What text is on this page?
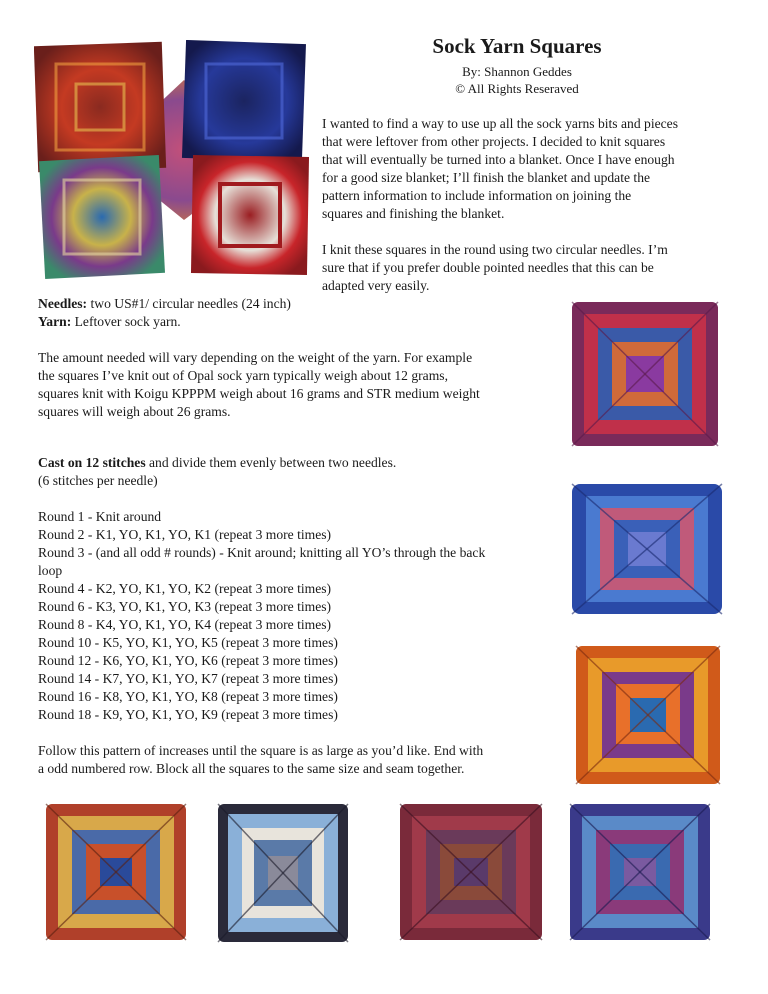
Sock Yarn Squares
By: Shannon Geddes
© All Rights Reseraved
I wanted to find a way to use up all the sock yarns bits and pieces
that were leftover from other projects. I decided to knit squares
that will eventually be turned into a blanket. Once I have enough
for a good size blanket; I’ll finish the blanket and update the
pattern information to include information on joining the
squares and finishing the blanket.
I knit these squares in the round using two circular needles. I’m
sure that if you prefer double pointed needles that this can be
adapted very easily.
Needles: two US#1/ circular needles (24 inch)
Yarn: Leftover sock yarn.
The amount needed will vary depending on the weight of the yarn. For example
the squares I’ve knit out of Opal sock yarn typically weigh about 12 grams,
squares knit with Koigu KPPPM weigh about 16 grams and STR medium weight
squares will weigh about 26 grams.
Cast on 12 stitches and divide them evenly between two needles.
(6 stitches per needle)
Round 1 - Knit around
Round 2 - K1, YO, K1, YO, K1 (repeat 3 more times)
Round 3 - (and all odd # rounds) - Knit around; knitting all YO’s through the back
loop
Round 4 - K2, YO, K1, YO, K2 (repeat 3 more times)
Round 6 - K3, YO, K1, YO, K3 (repeat 3 more times)
Round 8 - K4, YO, K1, YO, K4 (repeat 3 more times)
Round 10 - K5, YO, K1, YO, K5 (repeat 3 more times)
Round 12 - K6, YO, K1, YO, K6 (repeat 3 more times)
Round 14 - K7, YO, K1, YO, K7 (repeat 3 more times)
Round 16 - K8, YO, K1, YO, K8 (repeat 3 more times)
Round 18 - K9, YO, K1, YO, K9 (repeat 3 more times)
Follow this pattern of increases until the square is as large as you’d like. End with
a odd numbered row. Block all the squares to the same size and seam together.
